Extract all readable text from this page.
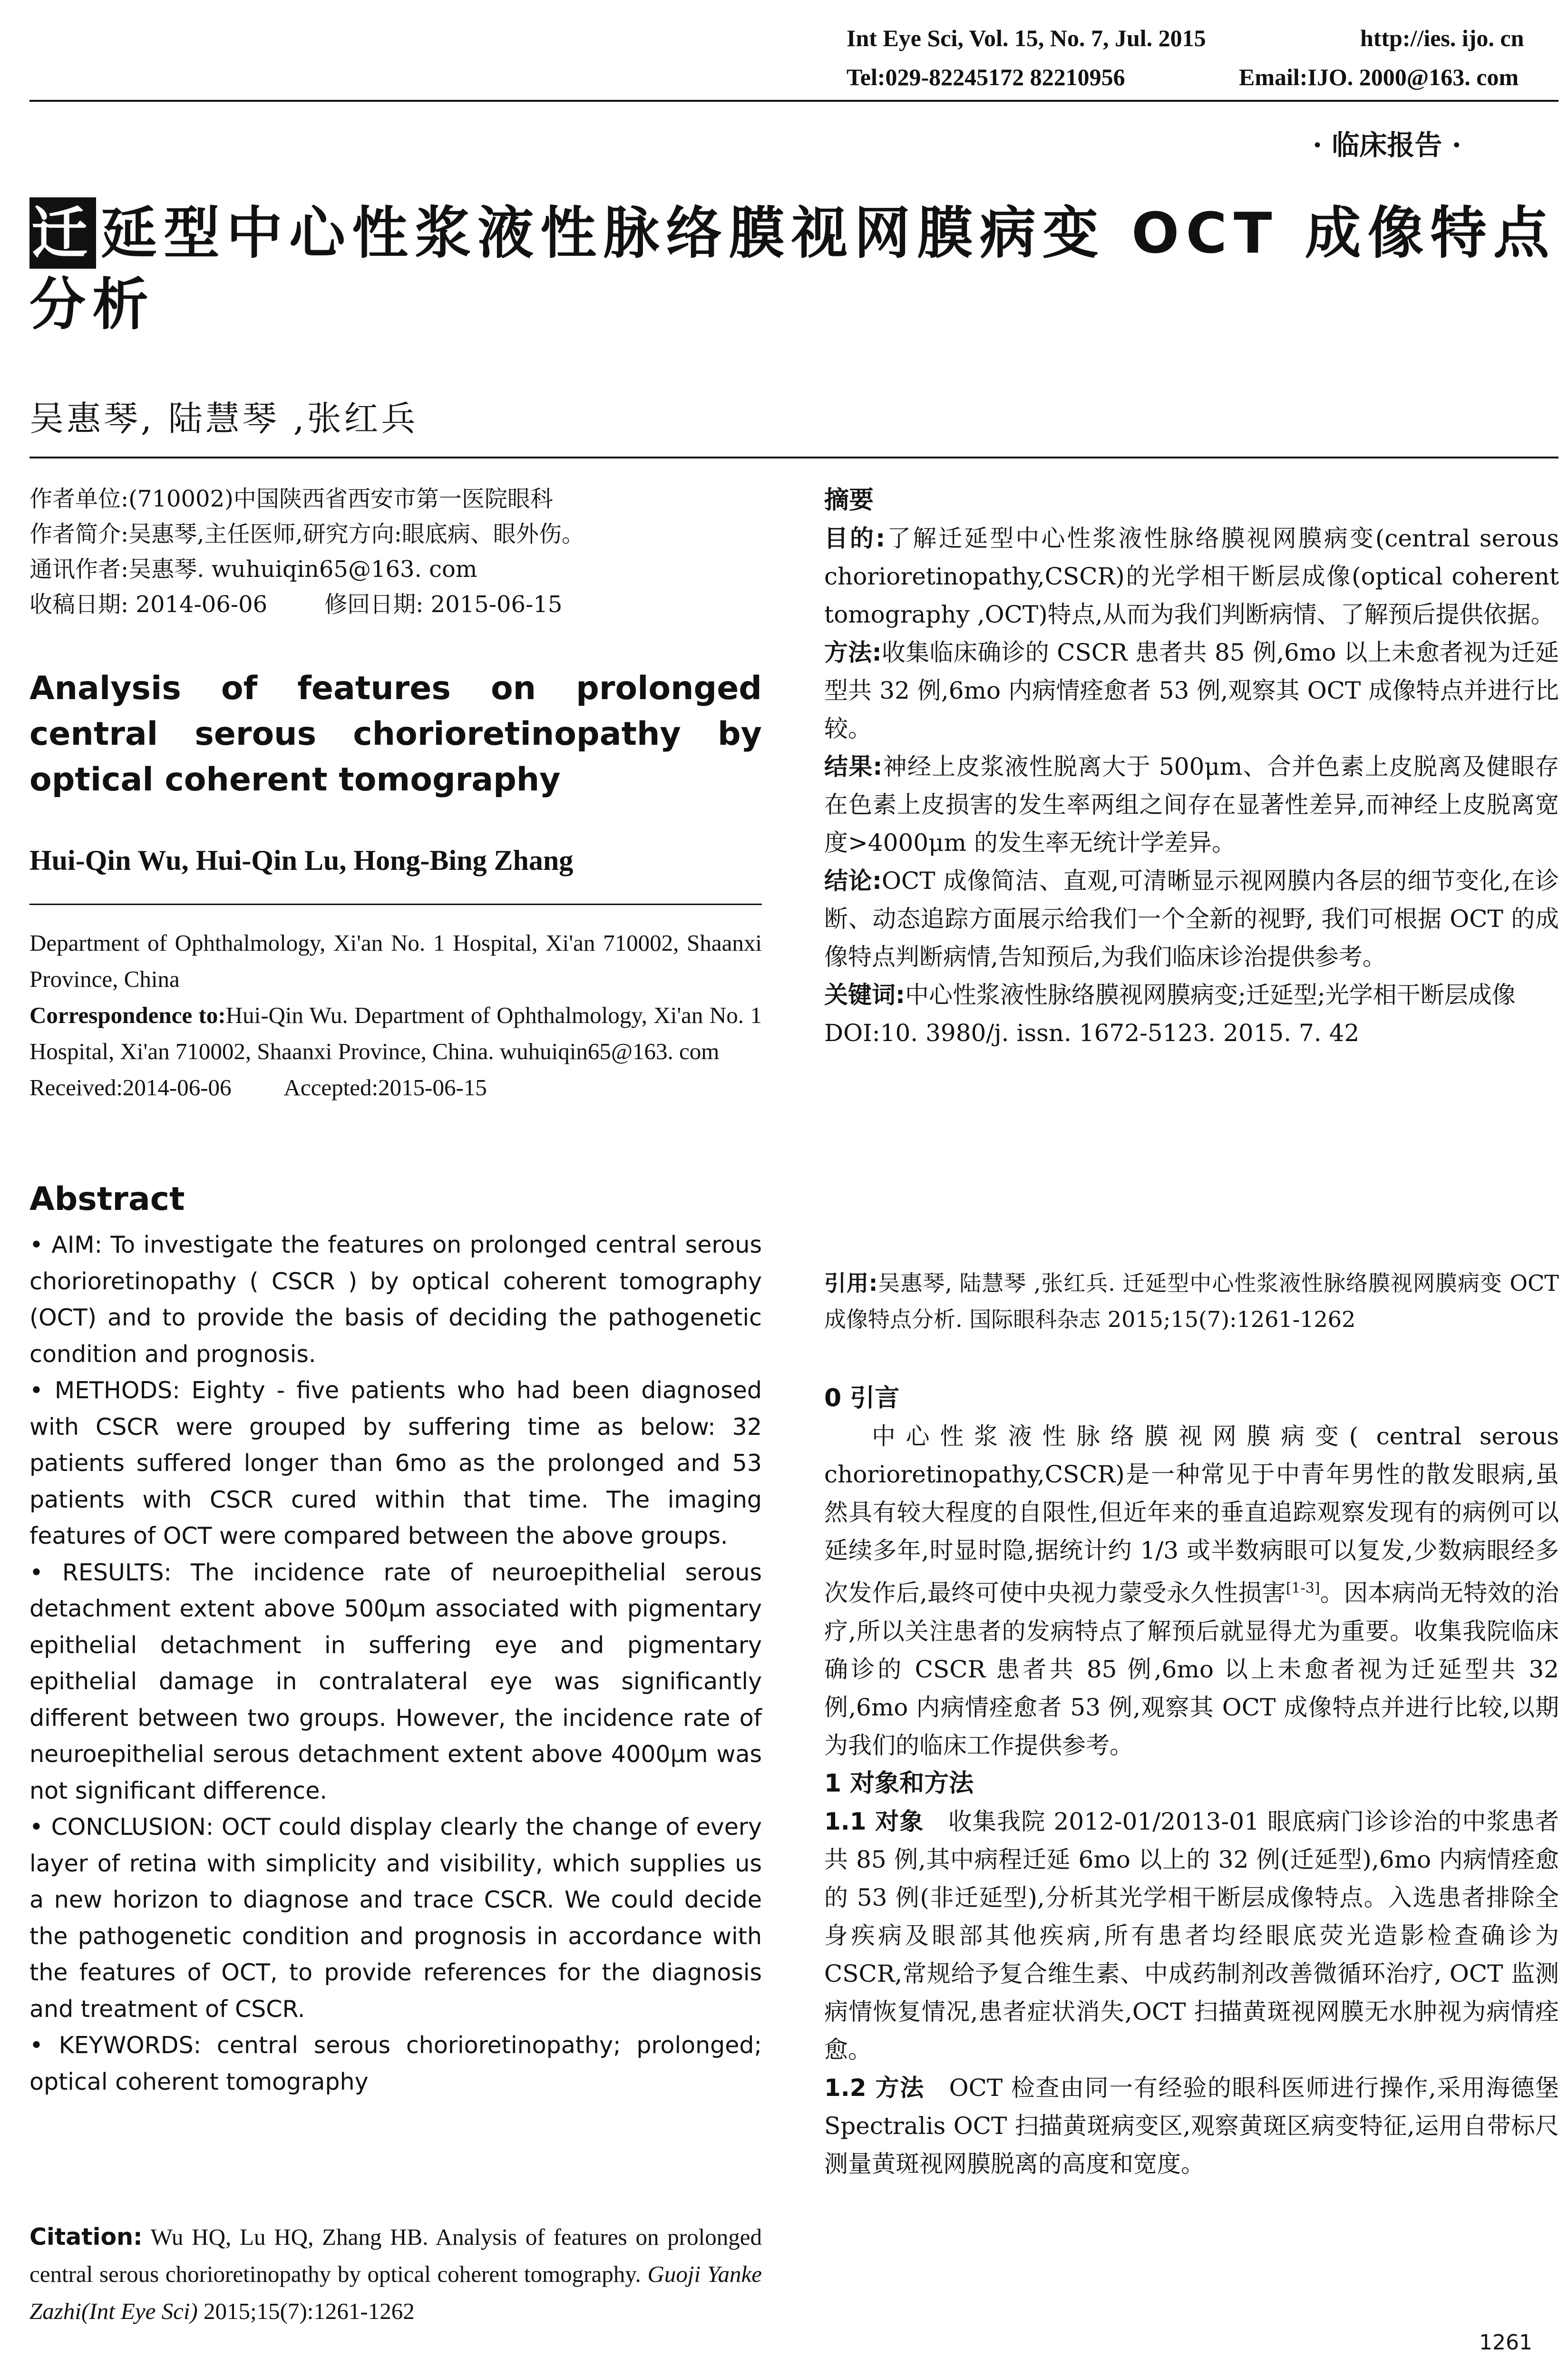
Int Eye Sci, Vol. 15, No. 7, Jul. 2015	http://ies. ijo. cn
Tel:029-82245172 82210956	Email:IJO. 2000@163. com
· 临床报告 ·
迁 延型中心性浆液性脉络膜视网膜病变 OCT 成像特点
分析
吴惠琴, 陆慧琴 ,张红兵
作者单位:(710002)中国陕西省西安市第一医院眼科
作者简介:吴惠琴,主任医师,研究方向:眼底病、眼外伤。
通讯作者:吴惠琴. wuhuiqin65@163. com
收稿日期: 2014-06-06	修回日期: 2015-06-15
Analysis of features on prolonged central serous chorioretinopathy by optical coherent tomography
Hui-Qin Wu, Hui-Qin Lu, Hong-Bing Zhang
Department of Ophthalmology, Xi'an No. 1 Hospital, Xi'an 710002, Shaanxi Province, China
Correspondence to:Hui-Qin Wu. Department of Ophthalmology, Xi'an No. 1 Hospital, Xi'an 710002, Shaanxi Province, China. wuhuiqin65@163. com
Received:2014-06-06 Accepted:2015-06-15
Abstract

• AIM: To investigate the features on prolonged central serous chorioretinopathy ( CSCR ) by optical coherent tomography (OCT) and to provide the basis of deciding the pathogenetic condition and prognosis.

• METHODS: Eighty - five patients who had been diagnosed with CSCR were grouped by suffering time as below: 32 patients suffered longer than 6mo as the prolonged and 53 patients with CSCR cured within that time. The imaging features of OCT were compared between the above groups.

• RESULTS: The incidence rate of neuroepithelial serous detachment extent above 500μm associated with pigmentary epithelial detachment in suffering eye and pigmentary epithelial damage in contralateral eye was significantly different between two groups. However, the incidence rate of neuroepithelial serous detachment extent above 4000μm was not significant difference.

• CONCLUSION: OCT could display clearly the change of every layer of retina with simplicity and visibility, which supplies us a new horizon to diagnose and trace CSCR. We could decide the pathogenetic condition and prognosis in accordance with the features of OCT, to provide references for the diagnosis and treatment of CSCR.

• KEYWORDS: central serous chorioretinopathy; prolonged; optical coherent tomography

Citation: Wu HQ, Lu HQ, Zhang HB. Analysis of features on prolonged central serous chorioretinopathy by optical coherent tomography. Guoji Yanke Zazhi(Int Eye Sci) 2015;15(7):1261-1262
摘要

目的:了解迁延型中心性浆液性脉络膜视网膜病变(central serous chorioretinopathy,CSCR)的光学相干断层成像(optical coherent tomography ,OCT)特点,从而为我们判断病情、了解预后提供依据。

方法:收集临床确诊的 CSCR 患者共 85 例,6mo 以上未愈者视为迁延型共 32 例,6mo 内病情痊愈者 53 例,观察其 OCT 成像特点并进行比较。

结果:神经上皮浆液性脱离大于 500μm、合并色素上皮脱离及健眼存在色素上皮损害的发生率两组之间存在显著性差异,而神经上皮脱离宽度>4000μm 的发生率无统计学差异。

结论:OCT 成像简洁、直观,可清晰显示视网膜内各层的细节变化,在诊断、动态追踪方面展示给我们一个全新的视野, 我们可根据 OCT 的成像特点判断病情,告知预后,为我们临床诊治提供参考。

关键词:中心性浆液性脉络膜视网膜病变;迁延型;光学相干断层成像

DOI:10. 3980/j. issn. 1672-5123. 2015. 7. 42

引用:吴惠琴, 陆慧琴 ,张红兵. 迁延型中心性浆液性脉络膜视网膜病变 OCT 成像特点分析. 国际眼科杂志 2015;15(7):1261-1262
0 引言

中心性浆液性脉络膜视网膜病变( central serous chorioretinopathy,CSCR)是一种常见于中青年男性的散发眼病,虽然具有较大程度的自限性,但近年来的垂直追踪观察发现有的病例可以延续多年,时显时隐,据统计约 1/3 或半数病眼可以复发,少数病眼经多次发作后,最终可使中央视力蒙受永久性损害[1-3]。因本病尚无特效的治疗,所以关注患者的发病特点了解预后就显得尤为重要。收集我院临床确诊的 CSCR 患者共 85 例,6mo 以上未愈者视为迁延型共 32 例,6mo 内病情痊愈者 53 例,观察其 OCT 成像特点并进行比较,以期为我们的临床工作提供参考。

1 对象和方法

1.1 对象　 收集我院 2012-01/2013-01 眼底病门诊诊治的中浆患者共 85 例,其中病程迁延 6mo 以上的 32 例(迁延型),6mo 内病情痊愈的 53 例(非迁延型),分析其光学相干断层成像特点。入选患者排除全身疾病及眼部其他疾病,所有患者均经眼底荧光造影检查确诊为 CSCR,常规给予复合维生素、中成药制剂改善微循环治疗, OCT 监测病情恢复情况,患者症状消失,OCT 扫描黄斑视网膜无水肿视为病情痊愈。

1.2 方法　 OCT 检查由同一有经验的眼科医师进行操作,采用海德堡 Spectralis OCT 扫描黄斑病变区,观察黄斑区病变特征,运用自带标尺测量黄斑视网膜脱离的高度和宽度。

1261
